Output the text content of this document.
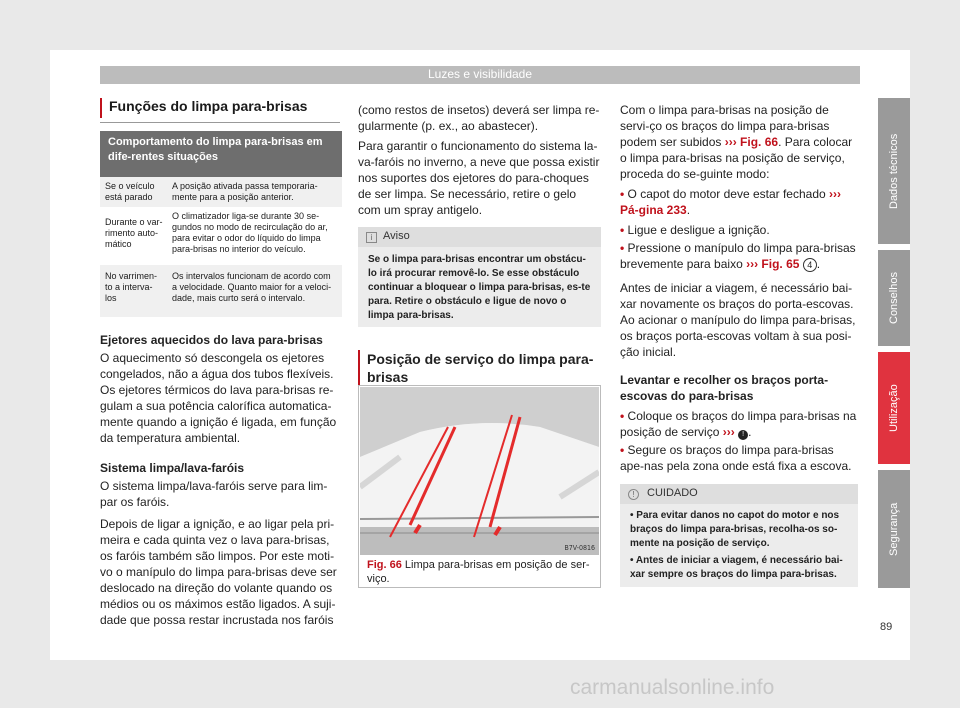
Luzes e visibilidade
Funções do limpa para-brisas
Comportamento do limpa para-brisas em dife-rentes situações
Se o veículo está parado
A posição ativada passa temporaria-mente para a posição anterior.
Durante o var-rimento auto-mático
O climatizador liga-se durante 30 se-gundos no modo de recirculação do ar, para evitar o odor do líquido do limpa para-brisas no interior do veículo.
No varrimen-to a interva-los
Os intervalos funcionam de acordo com a velocidade. Quanto maior for a veloci-dade, mais curto será o intervalo.
Ejetores aquecidos do lava para-brisas
O aquecimento só descongela os ejetores congelados, não a água dos tubos flexíveis. Os ejetores térmicos do lava para-brisas re-gulam a sua potência calorífica automatica-mente quando a ignição é ligada, em função da temperatura ambiental.
Sistema limpa/lava-faróis
O sistema limpa/lava-faróis serve para lim-par os faróis.
Depois de ligar a ignição, e ao ligar pela pri-meira e cada quinta vez o lava para-brisas, os faróis também são limpos. Por este moti-vo o manípulo do limpa para-brisas deve ser deslocado na direção do volante quando os médios ou os máximos estão ligados. A suji-dade que possa restar incrustada nos faróis
(como restos de insetos) deverá ser limpa re-gularmente (p. ex., ao abastecer).
Para garantir o funcionamento do sistema la-va-faróis no inverno, a neve que possa existir nos suportes dos ejetores do para-choques de ser limpa. Se necessário, retire o gelo com um spray antigelo.
i Aviso
Se o limpa para-brisas encontrar um obstácu-lo irá procurar removê-lo. Se esse obstáculo continuar a bloquear o limpa para-brisas, es-te para. Retire o obstáculo e ligue de novo o limpa para-brisas.
Posição de serviço do limpa para-brisas
B7V-0816
Fig. 66 Limpa para-brisas em posição de ser-viço.
Com o limpa para-brisas na posição de servi-ço os braços do limpa para-brisas podem ser subidos ››› Fig. 66. Para colocar o limpa para-brisas na posição de serviço, proceda do se-guinte modo:
• O capot do motor deve estar fechado ››› Pá-gina 233.
• Ligue e desligue a ignição.
• Pressione o manípulo do limpa para-brisas brevemente para baixo ››› Fig. 65 4 .
Antes de iniciar a viagem, é necessário bai-xar novamente os braços do porta-escovas. Ao acionar o manípulo do limpa para-brisas, os braços porta-escovas voltam à sua posi-ção inicial.
Levantar e recolher os braços porta-escovas do para-brisas
• Coloque os braços do limpa para-brisas na posição de serviço ››› ! .
• Segure os braços do limpa para-brisas ape-nas pela zona onde está fixa a escova.
! CUIDADO
• Para evitar danos no capot do motor e nos braços do limpa para-brisas, recolha-os so-mente na posição de serviço.
• Antes de iniciar a viagem, é necessário bai-xar sempre os braços do limpa para-brisas.
Dados técnicos
Conselhos
Utilização
Segurança
89
carmanualsonline.info
